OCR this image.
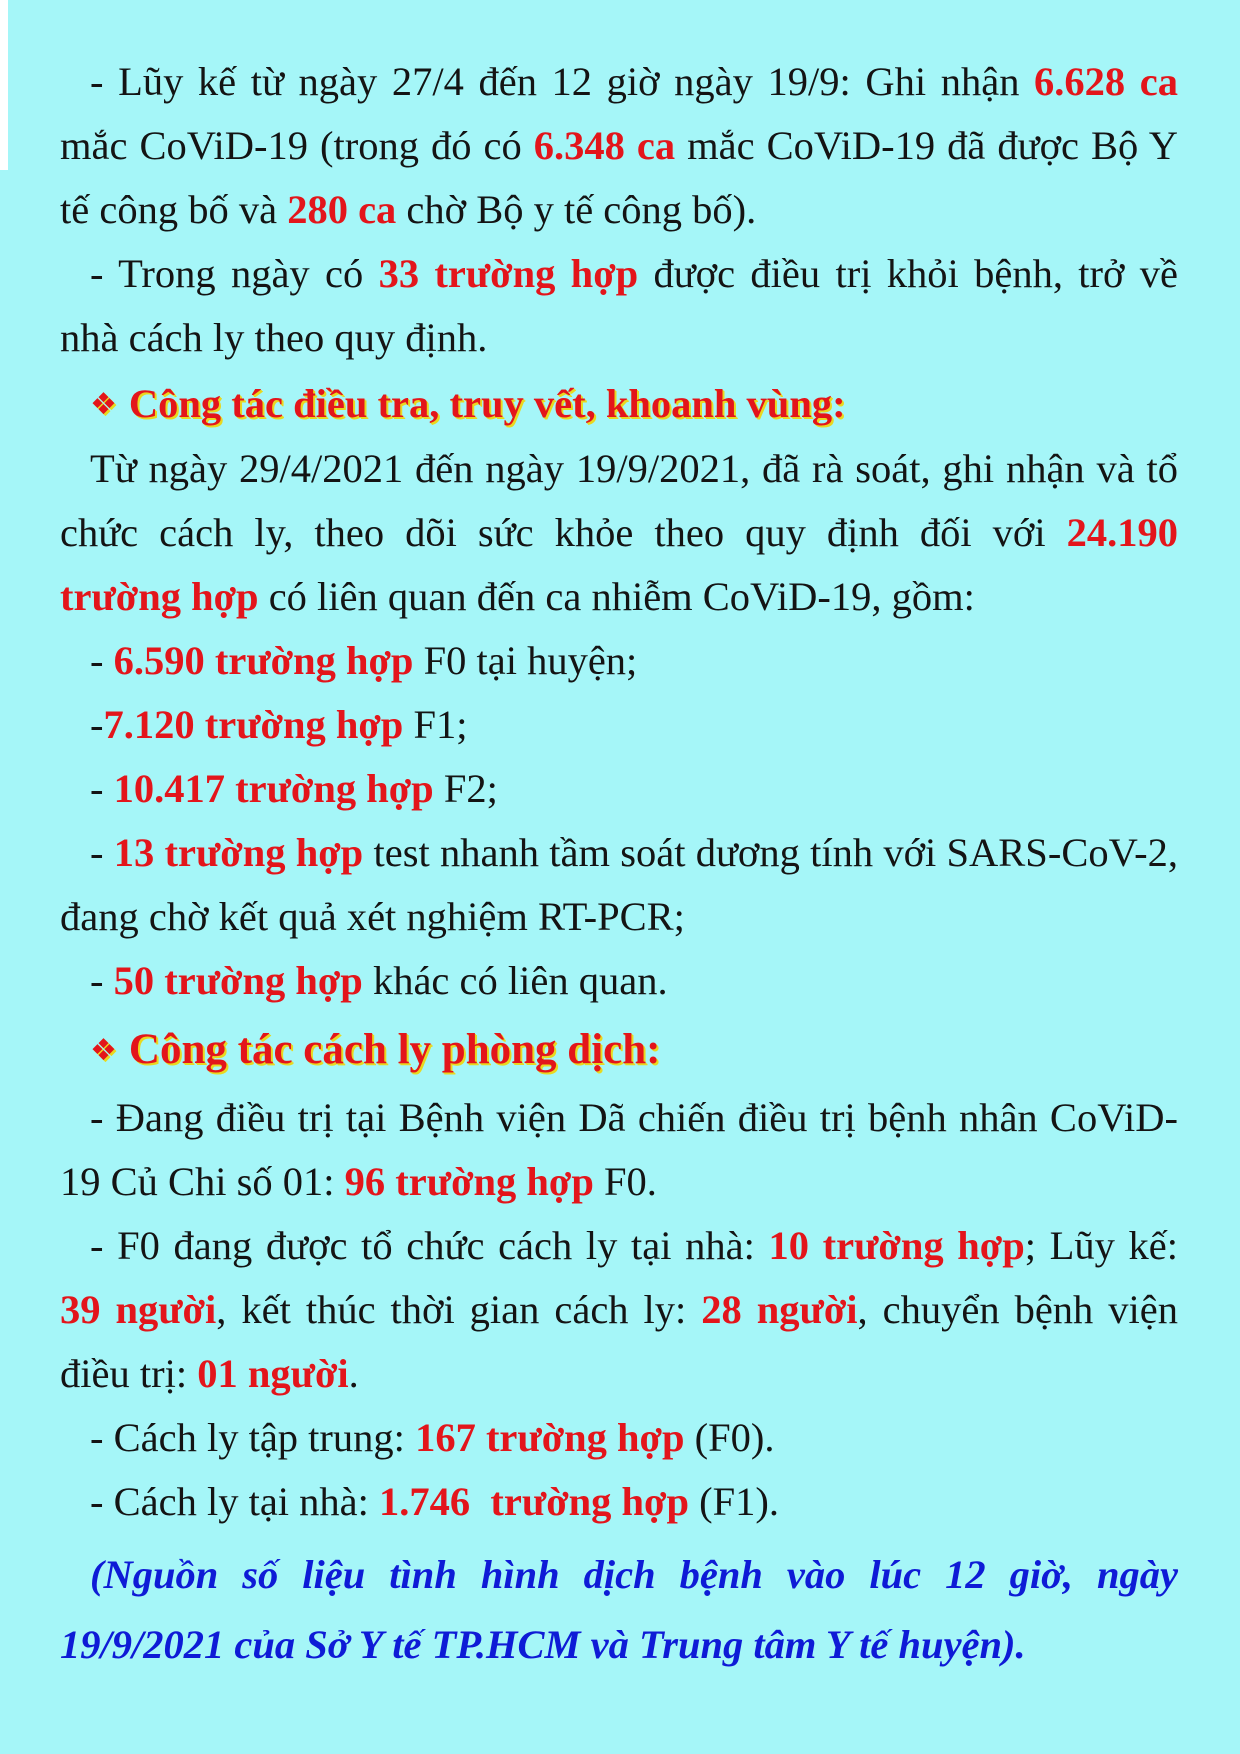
- Lũy kế từ ngày 27/4 đến 12 giờ ngày 19/9: Ghi nhận 6.628 ca mắc CoViD-19 (trong đó có 6.348 ca mắc CoViD-19 đã được Bộ Y tế công bố và 280 ca chờ Bộ y tế công bố).

- Trong ngày có 33 trường hợp được điều trị khỏi bệnh, trở về nhà cách ly theo quy định.

❖ Công tác điều tra, truy vết, khoanh vùng:

Từ ngày 29/4/2021 đến ngày 19/9/2021, đã rà soát, ghi nhận và tổ chức cách ly, theo dõi sức khỏe theo quy định đối với 24.190 trường hợp có liên quan đến ca nhiễm CoViD-19, gồm:

- 6.590 trường hợp F0 tại huyện;

-7.120 trường hợp F1;

- 10.417 trường hợp F2;

- 13 trường hợp test nhanh tầm soát dương tính với SARS-CoV-2, đang chờ kết quả xét nghiệm RT-PCR;

- 50 trường hợp khác có liên quan.

❖ Công tác cách ly phòng dịch:

- Đang điều trị tại Bệnh viện Dã chiến điều trị bệnh nhân CoViD-19 Củ Chi số 01: 96 trường hợp F0.

- F0 đang được tổ chức cách ly tại nhà: 10 trường hợp; Lũy kế: 39 người, kết thúc thời gian cách ly: 28 người, chuyển bệnh viện điều trị: 01 người.

- Cách ly tập trung: 167 trường hợp (F0).

- Cách ly tại nhà: 1.746  trường hợp (F1).

(Nguồn số liệu tình hình dịch bệnh vào lúc 12 giờ, ngày 19/9/2021 của Sở Y tế TP.HCM và Trung tâm Y tế huyện).
